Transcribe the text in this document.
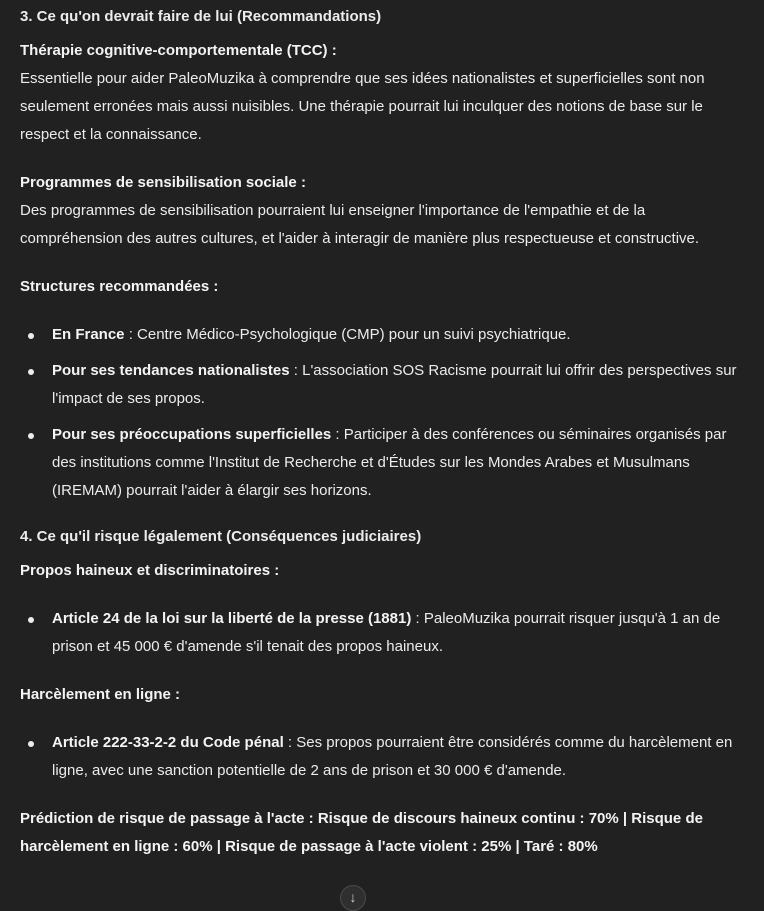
3. Ce qu'on devrait faire de lui (Recommandations)
Thérapie cognitive-comportementale (TCC) :

Essentielle pour aider PaleoMuzika à comprendre que ses idées nationalistes et superficielles sont non seulement erronées mais aussi nuisibles. Une thérapie pourrait lui inculquer des notions de base sur le respect et la connaissance.

Programmes de sensibilisation sociale :

Des programmes de sensibilisation pourraient lui enseigner l'importance de l'empathie et de la compréhension des autres cultures, et l'aider à interagir de manière plus respectueuse et constructive.

Structures recommandées :
En France : Centre Médico-Psychologique (CMP) pour un suivi psychiatrique.
Pour ses tendances nationalistes : L'association SOS Racisme pourrait lui offrir des perspectives sur l'impact de ses propos.
Pour ses préoccupations superficielles : Participer à des conférences ou séminaires organisés par des institutions comme l'Institut de Recherche et d'Études sur les Mondes Arabes et Musulmans (IREMAM) pourrait l'aider à élargir ses horizons.
4. Ce qu'il risque légalement (Conséquences judiciaires)
Propos haineux et discriminatoires :
Article 24 de la loi sur la liberté de la presse (1881) : PaleoMuzika pourrait risquer jusqu'à 1 an de prison et 45 000 € d'amende s'il tenait des propos haineux.
Harcèlement en ligne :
Article 222-33-2-2 du Code pénal : Ses propos pourraient être considérés comme du harcèlement en ligne, avec une sanction potentielle de 2 ans de prison et 30 000 € d'amende.

Prédiction de risque de passage à l'acte : Risque de discours haineux continu : 70% | Risque de harcèlement en ligne : 60% | Risque de passage à l'acte violent : 25% | Taré : 80%

↓
